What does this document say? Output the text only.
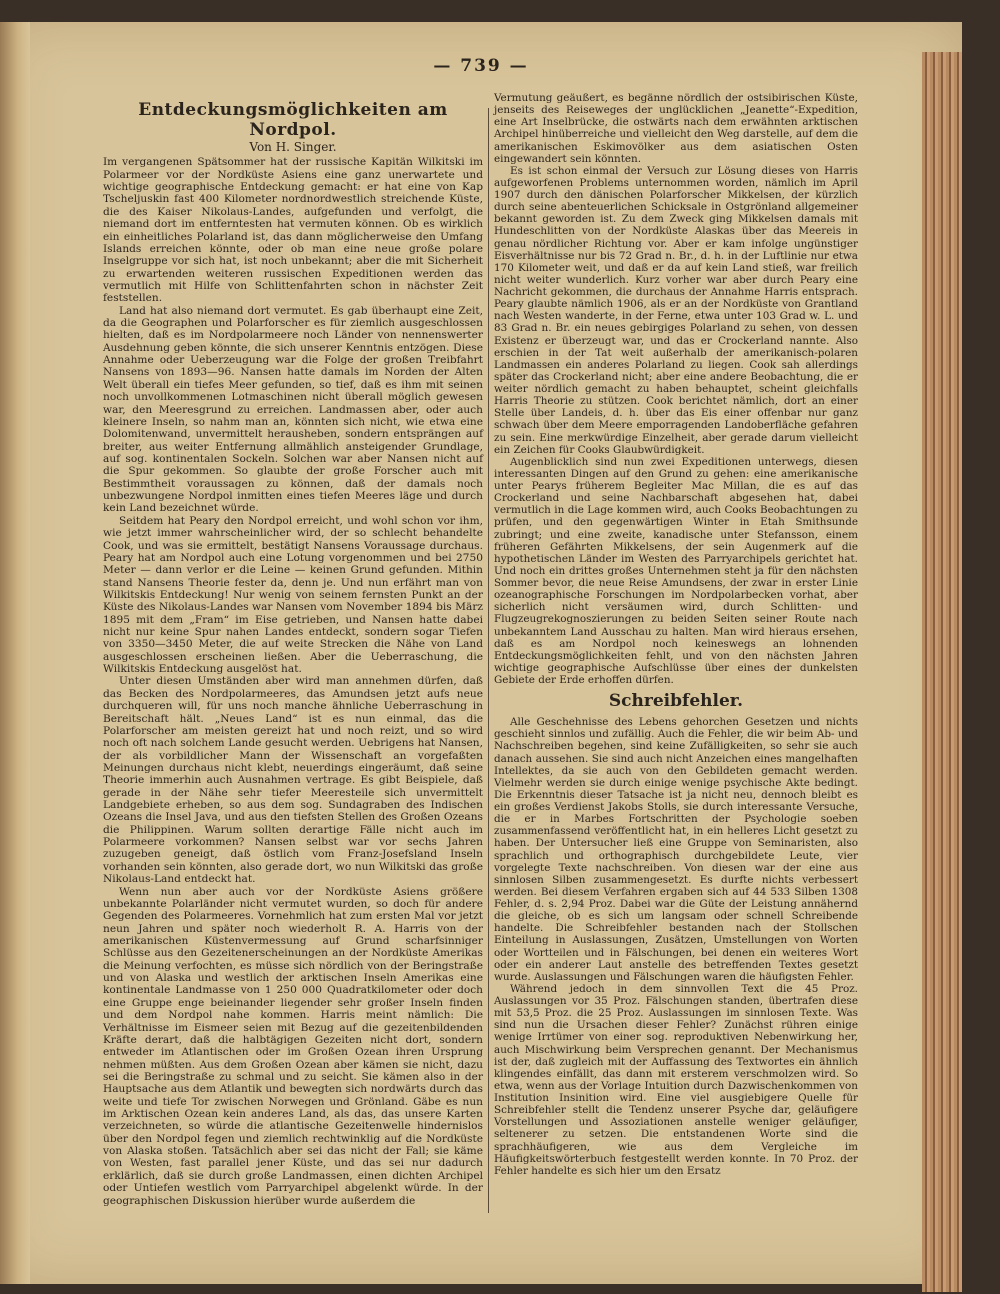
— 739 —
Entdeckungsmöglichkeiten am Nordpol.
Von H. Singer.

Im vergangenen Spätsommer hat der russische Kapitän Wilkitski im Polarmeer vor der Nordküste Asiens eine ganz unerwartete und wichtige geographische Entdeckung gemacht: er hat eine von Kap Tscheljuskin fast 400 Kilometer nordnordwestlich streichende Küste, die des Kaiser Nikolaus-Landes, aufgefunden und verfolgt, die niemand dort im entferntesten hat vermuten können. Ob es wirklich ein einheitliches Polarland ist, das dann möglicherweise den Umfang Islands erreichen könnte, oder ob man eine neue große polare Inselgruppe vor sich hat, ist noch unbekannt; aber die mit Sicherheit zu erwartenden weiteren russischen Expeditionen werden das vermutlich mit Hilfe von Schlittenfahrten schon in nächster Zeit feststellen.

Land hat also niemand dort vermutet. Es gab überhaupt eine Zeit, da die Geographen und Polarforscher es für ziemlich ausgeschlossen hielten, daß es im Nordpolarmeere noch Länder von nennenswerter Ausdehnung geben könnte, die sich unserer Kenntnis entzögen. Diese Annahme oder Ueberzeugung war die Folge der großen Treibfahrt Nansens von 1893—96. Nansen hatte damals im Norden der Alten Welt überall ein tiefes Meer gefunden, so tief, daß es ihm mit seinen noch unvollkommenen Lotmaschinen nicht überall möglich gewesen war, den Meeresgrund zu erreichen. Landmassen aber, oder auch kleinere Inseln, so nahm man an, könnten sich nicht, wie etwa eine Dolomitenwand, unvermittelt herausheben, sondern entsprängen auf breiter, aus weiter Entfernung allmählich ansteigender Grundlage, auf sog. kontinentalen Sockeln. Solchen war aber Nansen nicht auf die Spur gekommen. So glaubte der große Forscher auch mit Bestimmtheit voraussagen zu können, daß der damals noch unbezwungene Nordpol inmitten eines tiefen Meeres läge und durch kein Land bezeichnet würde.

Seitdem hat Peary den Nordpol erreicht, und wohl schon vor ihm, wie jetzt immer wahrscheinlicher wird, der so schlecht behandelte Cook, und was sie ermittelt, bestätigt Nansens Voraussage durchaus. Peary hat am Nordpol auch eine Lotung vorgenommen und bei 2750 Meter — dann verlor er die Leine — keinen Grund gefunden. Mithin stand Nansens Theorie fester da, denn je. Und nun erfährt man von Wilkitskis Entdeckung! Nur wenig von seinem fernsten Punkt an der Küste des Nikolaus-Landes war Nansen vom November 1894 bis März 1895 mit dem „Fram“ im Eise getrieben, und Nansen hatte dabei nicht nur keine Spur nahen Landes entdeckt, sondern sogar Tiefen von 3350—3450 Meter, die auf weite Strecken die Nähe von Land ausgeschlossen erscheinen ließen. Aber die Ueberraschung, die Wilkitskis Entdeckung ausgelöst hat.

Unter diesen Umständen aber wird man annehmen dürfen, daß das Becken des Nordpolarmeeres, das Amundsen jetzt aufs neue durchqueren will, für uns noch manche ähnliche Ueberraschung in Bereitschaft hält. „Neues Land“ ist es nun einmal, das die Polarforscher am meisten gereizt hat und noch reizt, und so wird noch oft nach solchem Lande gesucht werden. Uebrigens hat Nansen, der als vorbildlicher Mann der Wissenschaft an vorgefaßten Meinungen durchaus nicht klebt, neuerdings eingeräumt, daß seine Theorie immerhin auch Ausnahmen vertrage. Es gibt Beispiele, daß gerade in der Nähe sehr tiefer Meeresteile sich unvermittelt Landgebiete erheben, so aus dem sog. Sundagraben des Indischen Ozeans die Insel Java, und aus den tiefsten Stellen des Großen Ozeans die Philippinen. Warum sollten derartige Fälle nicht auch im Polarmeere vorkommen? Nansen selbst war vor sechs Jahren zuzugeben geneigt, daß östlich vom Franz-Josefsland Inseln vorhanden sein könnten, also gerade dort, wo nun Wilkitski das große Nikolaus-Land entdeckt hat.

Wenn nun aber auch vor der Nordküste Asiens größere unbekannte Polarländer nicht vermutet wurden, so doch für andere Gegenden des Polarmeeres. Vornehmlich hat zum ersten Mal vor jetzt neun Jahren und später noch wiederholt R. A. Harris von der amerikanischen Küstenvermessung auf Grund scharfsinniger Schlüsse aus den Gezeitenerscheinungen an der Nordküste Amerikas die Meinung verfochten, es müsse sich nördlich von der Beringstraße und von Alaska und westlich der arktischen Inseln Amerikas eine kontinentale Landmasse von 1 250 000 Quadratkilometer oder doch eine Gruppe enge beieinander liegender sehr großer Inseln finden und dem Nordpol nahe kommen. Harris meint nämlich: Die Verhältnisse im Eismeer seien mit Bezug auf die gezeitenbildenden Kräfte derart, daß die halbtägigen Gezeiten nicht dort, sondern entweder im Atlantischen oder im Großen Ozean ihren Ursprung nehmen müßten. Aus dem Großen Ozean aber kämen sie nicht, dazu sei die Beringstraße zu schmal und zu seicht. Sie kämen also in der Hauptsache aus dem Atlantik und bewegten sich nordwärts durch das weite und tiefe Tor zwischen Norwegen und Grönland. Gäbe es nun im Arktischen Ozean kein anderes Land, als das, das unsere Karten verzeichneten, so würde die atlantische Gezeitenwelle hindernislos über den Nordpol fegen und ziemlich rechtwinklig auf die Nordküste von Alaska stoßen. Tatsächlich aber sei das nicht der Fall; sie käme von Westen, fast parallel jener Küste, und das sei nur dadurch erklärlich, daß sie durch große Landmassen, einen dichten Archipel oder Untiefen westlich vom Parryarchipel abgelenkt würde. In der geographischen Diskussion hierüber wurde außerdem die

Vermutung geäußert, es begänne nördlich der ostsibirischen Küste, jenseits des Reiseweges der unglücklichen „Jeanette“-Expedition, eine Art Inselbrücke, die ostwärts nach dem erwähnten arktischen Archipel hinüberreiche und vielleicht den Weg darstelle, auf dem die amerikanischen Eskimovölker aus dem asiatischen Osten eingewandert sein könnten.

Es ist schon einmal der Versuch zur Lösung dieses von Harris aufgeworfenen Problems unternommen worden, nämlich im April 1907 durch den dänischen Polarforscher Mikkelsen, der kürzlich durch seine abenteuerlichen Schicksale in Ostgrönland allgemeiner bekannt geworden ist. Zu dem Zweck ging Mikkelsen damals mit Hundeschlitten von der Nordküste Alaskas über das Meereis in genau nördlicher Richtung vor. Aber er kam infolge ungünstiger Eisverhältnisse nur bis 72 Grad n. Br., d. h. in der Luftlinie nur etwa 170 Kilometer weit, und daß er da auf kein Land stieß, war freilich nicht weiter wunderlich. Kurz vorher war aber durch Peary eine Nachricht gekommen, die durchaus der Annahme Harris entsprach. Peary glaubte nämlich 1906, als er an der Nordküste von Grantland nach Westen wanderte, in der Ferne, etwa unter 103 Grad w. L. und 83 Grad n. Br. ein neues gebirgiges Polarland zu sehen, von dessen Existenz er überzeugt war, und das er Crockerland nannte. Also erschien in der Tat weit außerhalb der amerikanisch-polaren Landmassen ein anderes Polarland zu liegen. Cook sah allerdings später das Crockerland nicht; aber eine andere Beobachtung, die er weiter nördlich gemacht zu haben behauptet, scheint gleichfalls Harris Theorie zu stützen. Cook berichtet nämlich, dort an einer Stelle über Landeis, d. h. über das Eis einer offenbar nur ganz schwach über dem Meere emporragenden Landoberfläche gefahren zu sein. Eine merkwürdige Einzelheit, aber gerade darum vielleicht ein Zeichen für Cooks Glaubwürdigkeit.

Augenblicklich sind nun zwei Expeditionen unterwegs, diesen interessanten Dingen auf den Grund zu gehen: eine amerikanische unter Pearys früherem Begleiter Mac Millan, die es auf das Crockerland und seine Nachbarschaft abgesehen hat, dabei vermutlich in die Lage kommen wird, auch Cooks Beobachtungen zu prüfen, und den gegenwärtigen Winter in Etah Smithsunde zubringt; und eine zweite, kanadische unter Stefansson, einem früheren Gefährten Mikkelsens, der sein Augenmerk auf die hypothetischen Länder im Westen des Parryarchipels gerichtet hat. Und noch ein drittes großes Unternehmen steht ja für den nächsten Sommer bevor, die neue Reise Amundsens, der zwar in erster Linie ozeanographische Forschungen im Nordpolarbecken vorhat, aber sicherlich nicht versäumen wird, durch Schlitten- und Flugzeugrekognoszierungen zu beiden Seiten seiner Route nach unbekanntem Land Ausschau zu halten. Man wird hieraus ersehen, daß es am Nordpol noch keineswegs an lohnenden Entdeckungsmöglichkeiten fehlt, und von den nächsten Jahren wichtige geographische Aufschlüsse über eines der dunkelsten Gebiete der Erde erhoffen dürfen.

Schreibfehler.

Alle Geschehnisse des Lebens gehorchen Gesetzen und nichts geschieht sinnlos und zufällig. Auch die Fehler, die wir beim Ab- und Nachschreiben begehen, sind keine Zufälligkeiten, so sehr sie auch danach aussehen. Sie sind auch nicht Anzeichen eines mangelhaften Intellektes, da sie auch von den Gebildeten gemacht werden. Vielmehr werden sie durch einige wenige psychische Akte bedingt. Die Erkenntnis dieser Tatsache ist ja nicht neu, dennoch bleibt es ein großes Verdienst Jakobs Stolls, sie durch interessante Versuche, die er in Marbes Fortschritten der Psychologie soeben zusammenfassend veröffentlicht hat, in ein helleres Licht gesetzt zu haben. Der Untersucher ließ eine Gruppe von Seminaristen, also sprachlich und orthographisch durchgebildete Leute, vier vorgelegte Texte nachschreiben. Von diesen war der eine aus sinnlosen Silben zusammengesetzt. Es durfte nichts verbessert werden. Bei diesem Verfahren ergaben sich auf 44 533 Silben 1308 Fehler, d. s. 2,94 Proz. Dabei war die Güte der Leistung annähernd die gleiche, ob es sich um langsam oder schnell Schreibende handelte. Die Schreibfehler bestanden nach der Stollschen Einteilung in Auslassungen, Zusätzen, Umstellungen von Worten oder Wortteilen und in Fälschungen, bei denen ein weiteres Wort oder ein anderer Laut anstelle des betreffenden Textes gesetzt wurde. Auslassungen und Fälschungen waren die häufigsten Fehler.

Während jedoch in dem sinnvollen Text die 45 Proz. Auslassungen vor 35 Proz. Fälschungen standen, übertrafen diese mit 53,5 Proz. die 25 Proz. Auslassungen im sinnlosen Texte. Was sind nun die Ursachen dieser Fehler? Zunächst rühren einige wenige Irrtümer von einer sog. reproduktiven Nebenwirkung her, auch Mischwirkung beim Versprechen genannt. Der Mechanismus ist der, daß zugleich mit der Auffassung des Textwortes ein ähnlich klingendes einfällt, das dann mit ersterem verschmolzen wird. So etwa, wenn aus der Vorlage Intuition durch Dazwischenkommen von Institution Insinition wird. Eine viel ausgiebigere Quelle für Schreibfehler stellt die Tendenz unserer Psyche dar, geläufigere Vorstellungen und Assoziationen anstelle weniger geläufiger, seltenerer zu setzen. Die entstandenen Worte sind die sprachhäufigeren, wie aus dem Vergleiche im Häufigkeitswörterbuch festgestellt werden konnte. In 70 Proz. der Fehler handelte es sich hier um den Ersatz
